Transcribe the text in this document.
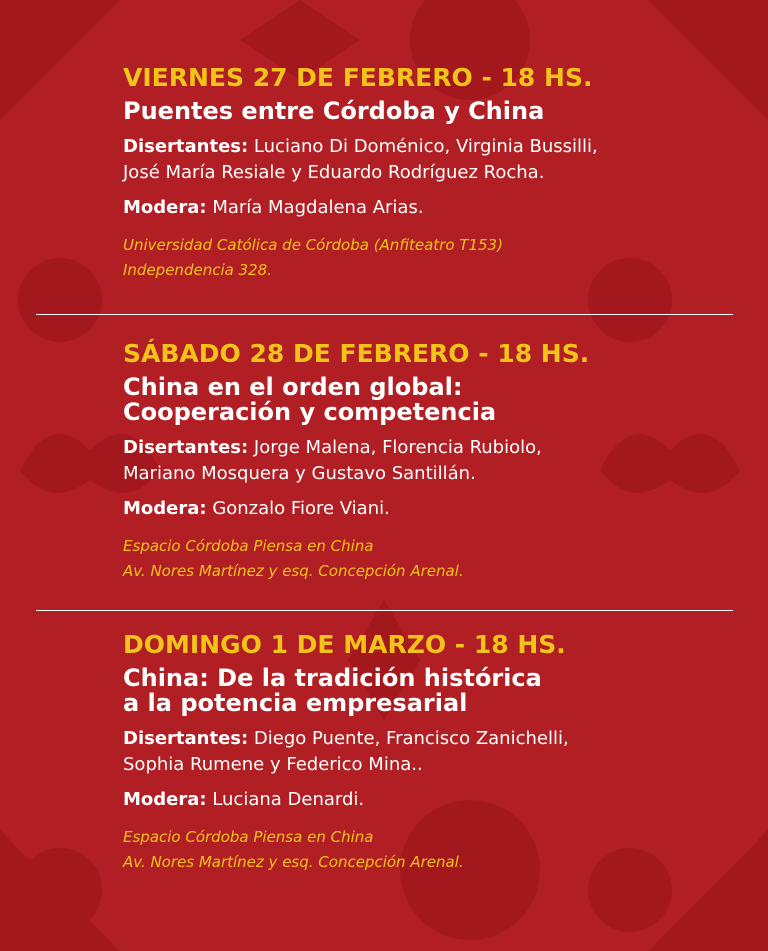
VIERNES 27 DE FEBRERO - 18 HS.

Puentes entre Córdoba y China

Disertantes: Luciano Di Doménico, Virginia Bussilli,
José María Resiale y Eduardo Rodríguez Rocha.

Modera: María Magdalena Arias.

Universidad Católica de Córdoba (Anfiteatro T153)
Independencia 328.

SÁBADO 28 DE FEBRERO - 18 HS.

China en el orden global:
Cooperación y competencia

Disertantes: Jorge Malena, Florencia Rubiolo,
Mariano Mosquera y Gustavo Santillán.

Modera: Gonzalo Fiore Viani.

Espacio Córdoba Piensa en China
Av. Nores Martínez y esq. Concepción Arenal.

DOMINGO 1 DE MARZO - 18 HS.

China: De la tradición histórica
a la potencia empresarial

Disertantes: Diego Puente, Francisco Zanichelli,
Sophia Rumene y Federico Mina..

Modera: Luciana Denardi.

Espacio Córdoba Piensa en China
Av. Nores Martínez y esq. Concepción Arenal.
